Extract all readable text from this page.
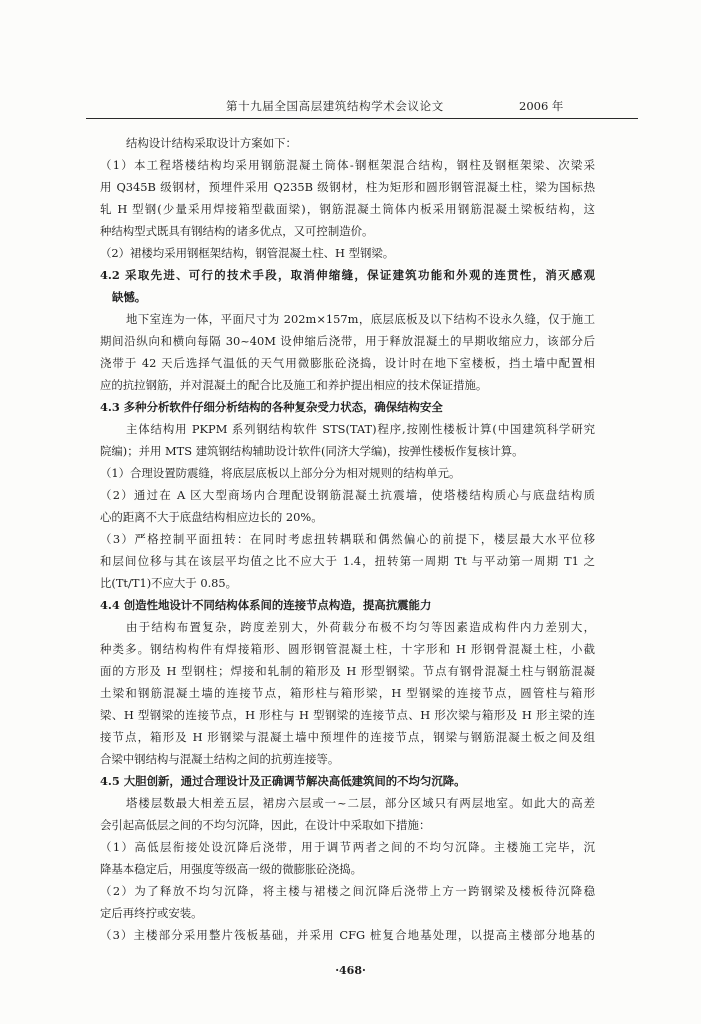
第十九届全国高层建筑结构学术会议论文	2006 年
结构设计结构采取设计方案如下：
（1）本工程塔楼结构均采用钢筋混凝土筒体-钢框架混合结构，钢柱及钢框架梁、次梁采
用 Q345B 级钢材，预埋件采用 Q235B 级钢材，柱为矩形和圆形钢管混凝土柱，梁为国标热
轧 H 型钢(少量采用焊接箱型截面梁)，钢筋混凝土筒体内板采用钢筋混凝土梁板结构，这
种结构型式既具有钢结构的诸多优点，又可控制造价。
（2）裙楼均采用钢框架结构，钢管混凝土柱、H 型钢梁。
4.2 采取先进、可行的技术手段，取消伸缩缝，保证建筑功能和外观的连贯性，消灭感观
缺憾。
地下室连为一体，平面尺寸为 202m×157m，底层底板及以下结构不设永久缝，仅于施工
期间沿纵向和横向每隔 30~40M 设伸缩后浇带，用于释放混凝土的早期收缩应力，该部分后
浇带于 42 天后选择气温低的天气用微膨胀砼浇捣，设计时在地下室楼板，挡土墙中配置相
应的抗拉钢筋，并对混凝土的配合比及施工和养护提出相应的技术保证措施。
4.3 多种分析软件仔细分析结构的各种复杂受力状态，确保结构安全
主体结构用 PKPM 系列钢结构软件 STS(TAT)程序,按刚性楼板计算(中国建筑科学研究
院编)；并用 MTS 建筑钢结构辅助设计软件(同济大学编)，按弹性楼板作复核计算。
（1）合理设置防震缝，将底层底板以上部分分为相对规则的结构单元。
（2）通过在 A 区大型商场内合理配设钢筋混凝土抗震墙，使塔楼结构质心与底盘结构质
心的距离不大于底盘结构相应边长的 20%。
（3）严格控制平面扭转：在同时考虑扭转耦联和偶然偏心的前提下，楼层最大水平位移
和层间位移与其在该层平均值之比不应大于 1.4，扭转第一周期 Tt 与平动第一周期 T1 之
比(Tt/T1)不应大于 0.85。
4.4 创造性地设计不同结构体系间的连接节点构造，提高抗震能力
由于结构布置复杂，跨度差别大，外荷载分布极不均匀等因素造成构件内力差别大，
种类多。钢结构构件有焊接箱形、圆形钢管混凝土柱，十字形和 H 形钢骨混凝土柱，小截
面的方形及 H 型钢柱；焊接和轧制的箱形及 H 形型钢梁。节点有钢骨混凝土柱与钢筋混凝
土梁和钢筋混凝土墙的连接节点，箱形柱与箱形梁，H 型钢梁的连接节点，圆管柱与箱形
梁、H 型钢梁的连接节点，H 形柱与 H 型钢梁的连接节点、H 形次梁与箱形及 H 形主梁的连
接节点，箱形及 H 形钢梁与混凝土墙中预埋件的连接节点，钢梁与钢筋混凝土板之间及组
合梁中钢结构与混凝土结构之间的抗剪连接等。
4.5 大胆创新，通过合理设计及正确调节解决高低建筑间的不均匀沉降。
塔楼层数最大相差五层，裙房六层或一~二层，部分区域只有两层地室。如此大的高差
会引起高低层之间的不均匀沉降，因此，在设计中采取如下措施：
（1）高低层衔接处设沉降后浇带，用于调节两者之间的不均匀沉降。主楼施工完毕，沉
降基本稳定后，用强度等级高一级的微膨胀砼浇捣。
（2）为了释放不均匀沉降，将主楼与裙楼之间沉降后浇带上方一跨钢梁及楼板待沉降稳
定后再终拧或安装。
（3）主楼部分采用整片筏板基础，并采用 CFG 桩复合地基处理，以提高主楼部分地基的
·468·
